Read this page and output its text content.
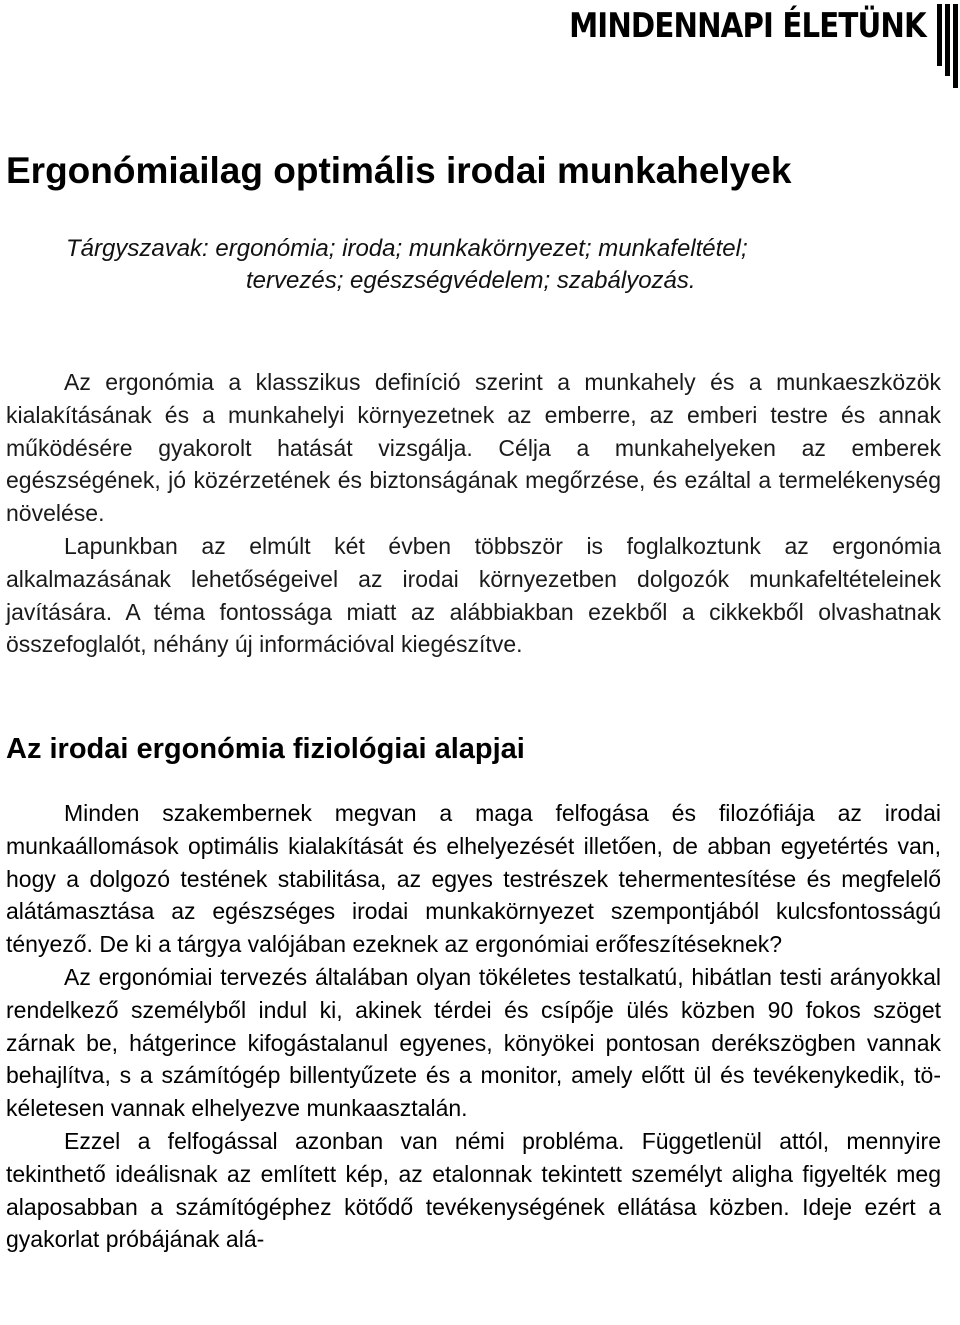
MINDENNAPI ÉLETÜNK
Ergonómiailag optimális irodai munkahelyek
Tárgyszavak: ergonómia; iroda; munkakörnyezet; munkafeltétel;
tervezés; egészségvédelem; szabályozás.

Az ergonómia a klasszikus definíció szerint a munkahely és a munkaeszközök kialakításának és a munkahelyi környezetnek az emberre, az emberi testre és annak működésére gyakorolt hatását vizsgálja. Célja a munkahelyeken az emberek egészségének, jó közérzetének és biztonságának megőrzése, és ezáltal a termelékenység növelése.

Lapunkban az elmúlt két évben többször is foglalkoztunk az ergonómia alkalmazásának lehetőségeivel az irodai környezetben dolgozók munkafeltételeinek javítására. A téma fontossága miatt az alábbiakban ezekből a cikkekből olvashatnak összefoglalót, néhány új információval kiegészítve.

Az irodai ergonómia fiziológiai alapjai

Minden szakembernek megvan a maga felfogása és filozófiája az irodai munkaállomások optimális kialakítását és elhelyezését illetően, de abban egyetértés van, hogy a dolgozó testének stabilitása, az egyes testrészek tehermentesítése és megfelelő alátámasztása az egészséges irodai munkakörnyezet szempontjából kulcsfontosságú tényező. De ki a tárgya valójában ezeknek az ergonómiai erőfeszítéseknek?

Az ergonómiai tervezés általában olyan tökéletes testalkatú, hibátlan testi arányokkal rendelkező személyből indul ki, akinek térdei és csípője ülés közben 90 fokos szöget zárnak be, hátgerince kifogástalanul egyenes, könyökei pontosan derékszögben vannak behajlítva, s a számítógép billentyűzete és a monitor, amely előtt ül és tevékenykedik, tökéletesen vannak elhelyezve munkaasztalán.

Ezzel a felfogással azonban van némi probléma. Függetlenül attól, mennyire tekinthető ideálisnak az említett kép, az etalonnak tekintett személyt aligha figyelték meg alaposabban a számítógéphez kötődő tevékenységének ellátása közben. Ideje ezért a gyakorlat próbájának alá-
